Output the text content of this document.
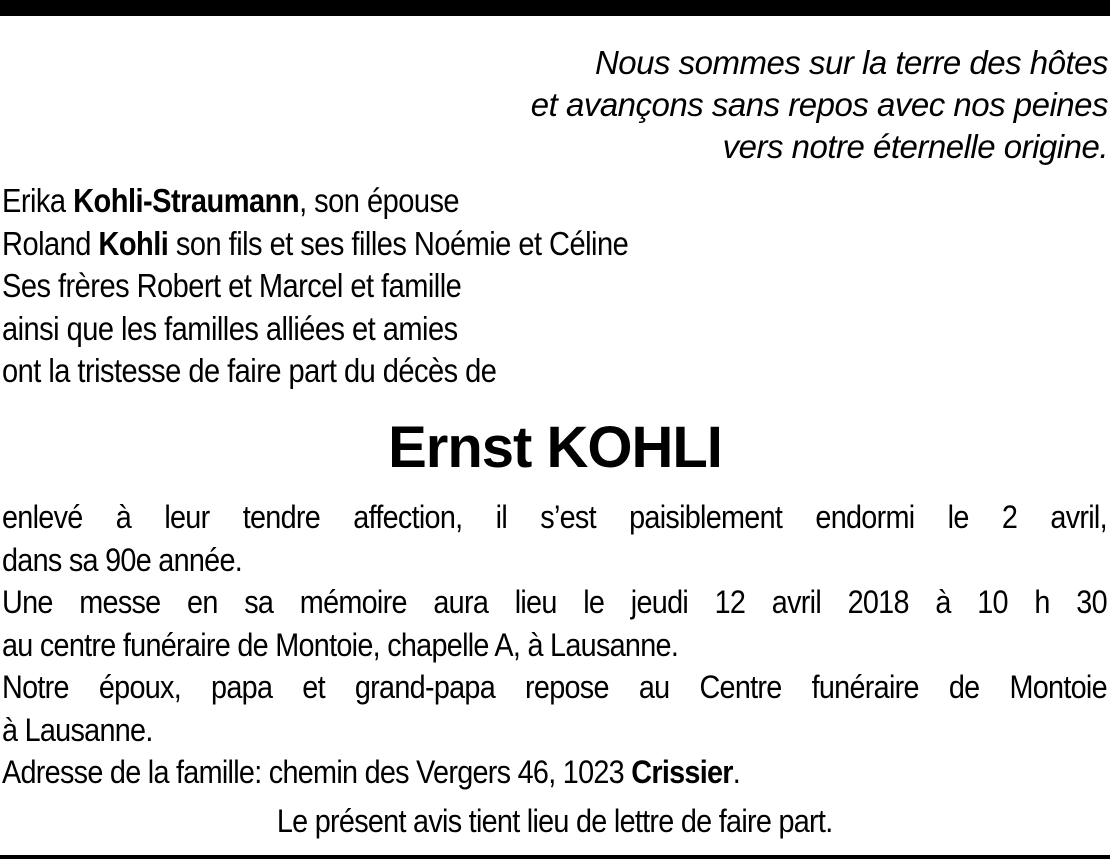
Nous sommes sur la terre des hôtes
et avançons sans repos avec nos peines
vers notre éternelle origine.
Erika Kohli-Straumann, son épouse
Roland Kohli son fils et ses filles Noémie et Céline
Ses frères Robert et Marcel et famille
ainsi que les familles alliées et amies
ont la tristesse de faire part du décès de
Ernst KOHLI
enlevé à leur tendre affection, il s’est paisiblement endormi le 2 avril,
dans sa 90e année.
Une messe en sa mémoire aura lieu le jeudi 12 avril 2018 à 10 h 30
au centre funéraire de Montoie, chapelle A, à Lausanne.
Notre époux, papa et grand-papa repose au Centre funéraire de Montoie
à Lausanne.
Adresse de la famille: chemin des Vergers 46, 1023 Crissier.
Le présent avis tient lieu de lettre de faire part.
